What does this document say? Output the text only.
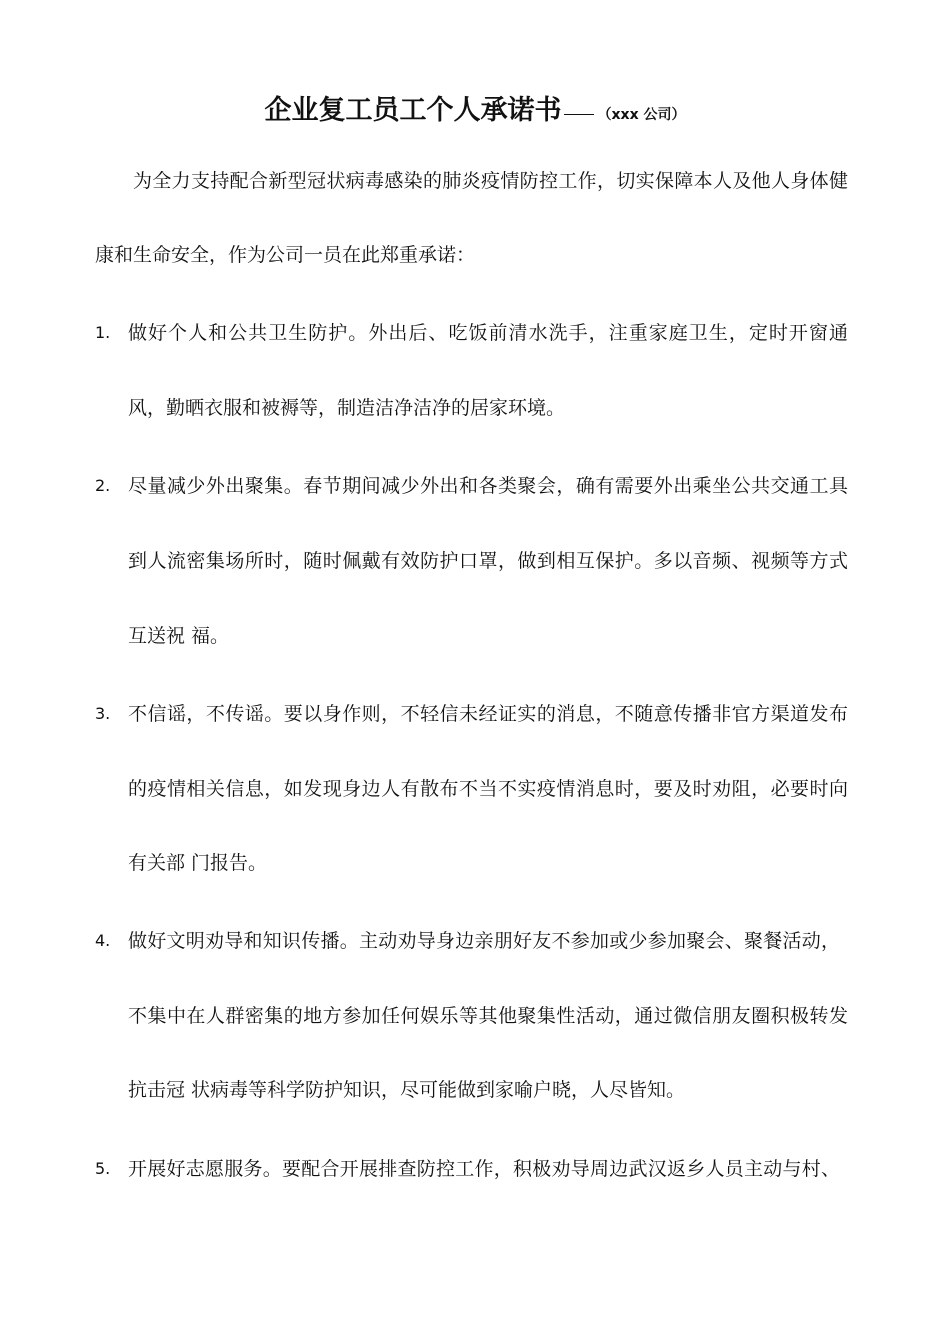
企业复工员工个人承诺书	（xxx 公司）
为全力支持配合新型冠状病毒感染的肺炎疫情防控工作，切实保障本人及他人身体健
康和生命安全，作为公司一员在此郑重承诺：
1. 做好个人和公共卫生防护。外出后、吃饭前清水洗手，注重家庭卫生，定时开窗通
风，勤晒衣服和被褥等，制造洁净洁净的居家环境。
2. 尽量减少外出聚集。春节期间减少外出和各类聚会，确有需要外出乘坐公共交通工具
到人流密集场所时，随时佩戴有效防护口罩，做到相互保护。多以音频、视频等方式
互送祝 福。
3. 不信谣，不传谣。要以身作则，不轻信未经证实的消息，不随意传播非官方渠道发布
的疫情相关信息，如发现身边人有散布不当不实疫情消息时，要及时劝阻，必要时向
有关部 门报告。
4. 做好文明劝导和知识传播。主动劝导身边亲朋好友不参加或少参加聚会、聚餐活动，
不集中在人群密集的地方参加任何娱乐等其他聚集性活动，通过微信朋友圈积极转发
抗击冠 状病毒等科学防护知识，尽可能做到家喻户晓，人尽皆知。
5. 开展好志愿服务。要配合开展排查防控工作，积极劝导周边武汉返乡人员主动与村、
